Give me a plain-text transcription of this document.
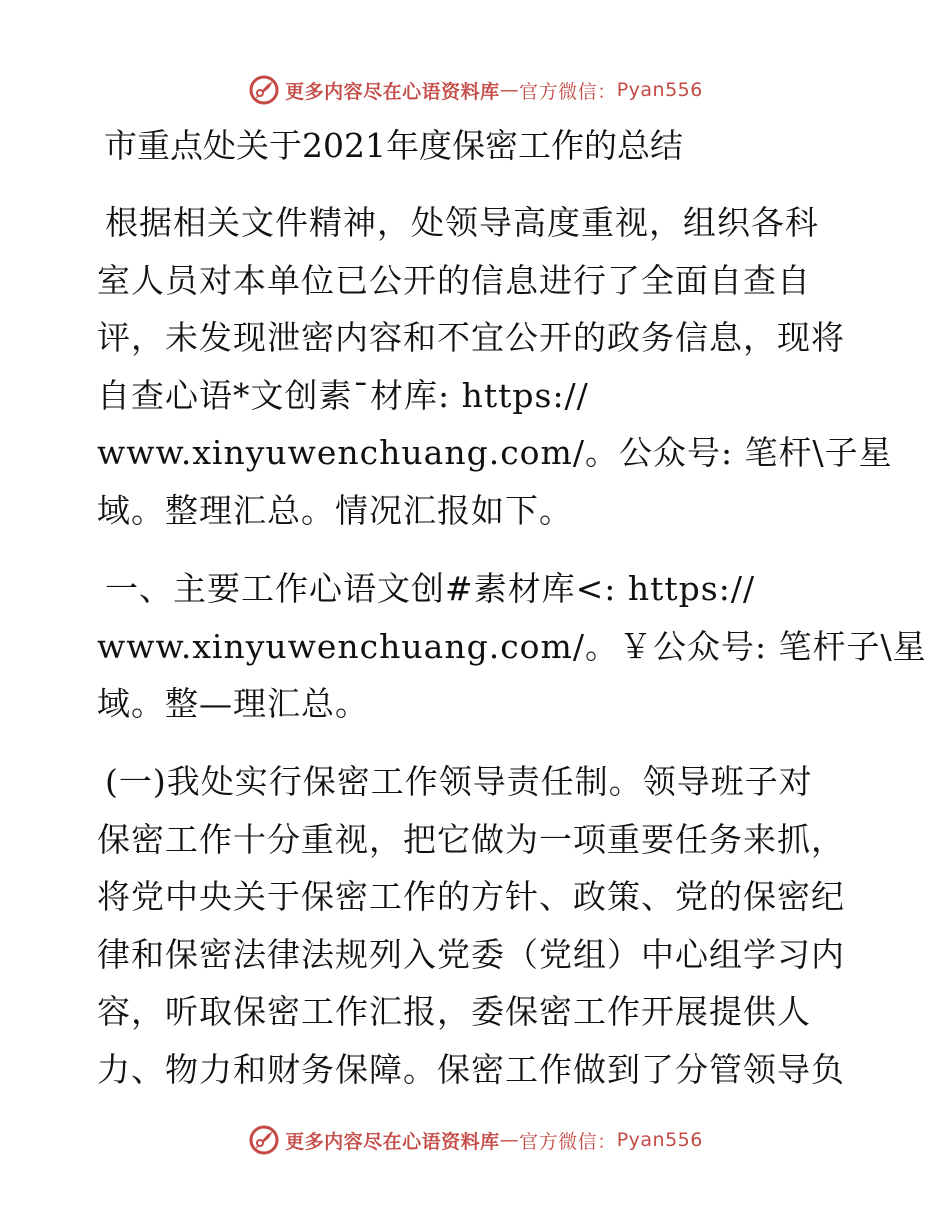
更多内容尽在心语资料库 — 官方微信： Pyan556
市重点处关于2021年度保密工作的总结
根据相关文件精神，处领导高度重视，组织各科
室人员对本单位已公开的信息进行了全面自查自
评，未发现泄密内容和不宜公开的政务信息，现将
自查心语*文创素¯材库: https://
www.xinyuwenchuang.com/。公众号: 笔杆\子星
域。整理汇总。情况汇报如下。
一、主要工作心语文创#素材库<: https://
www.xinyuwenchuang.com/。￥公众号: 笔杆子\星
域。整—理汇总。
(一)我处实行保密工作领导责任制。领导班子对
保密工作十分重视，把它做为一项重要任务来抓，
将党中央关于保密工作的方针、政策、党的保密纪
律和保密法律法规列入党委（党组）中心组学习内
容，听取保密工作汇报，委保密工作开展提供人
力、物力和财务保障。保密工作做到了分管领导负
更多内容尽在心语资料库 — 官方微信： Pyan556
